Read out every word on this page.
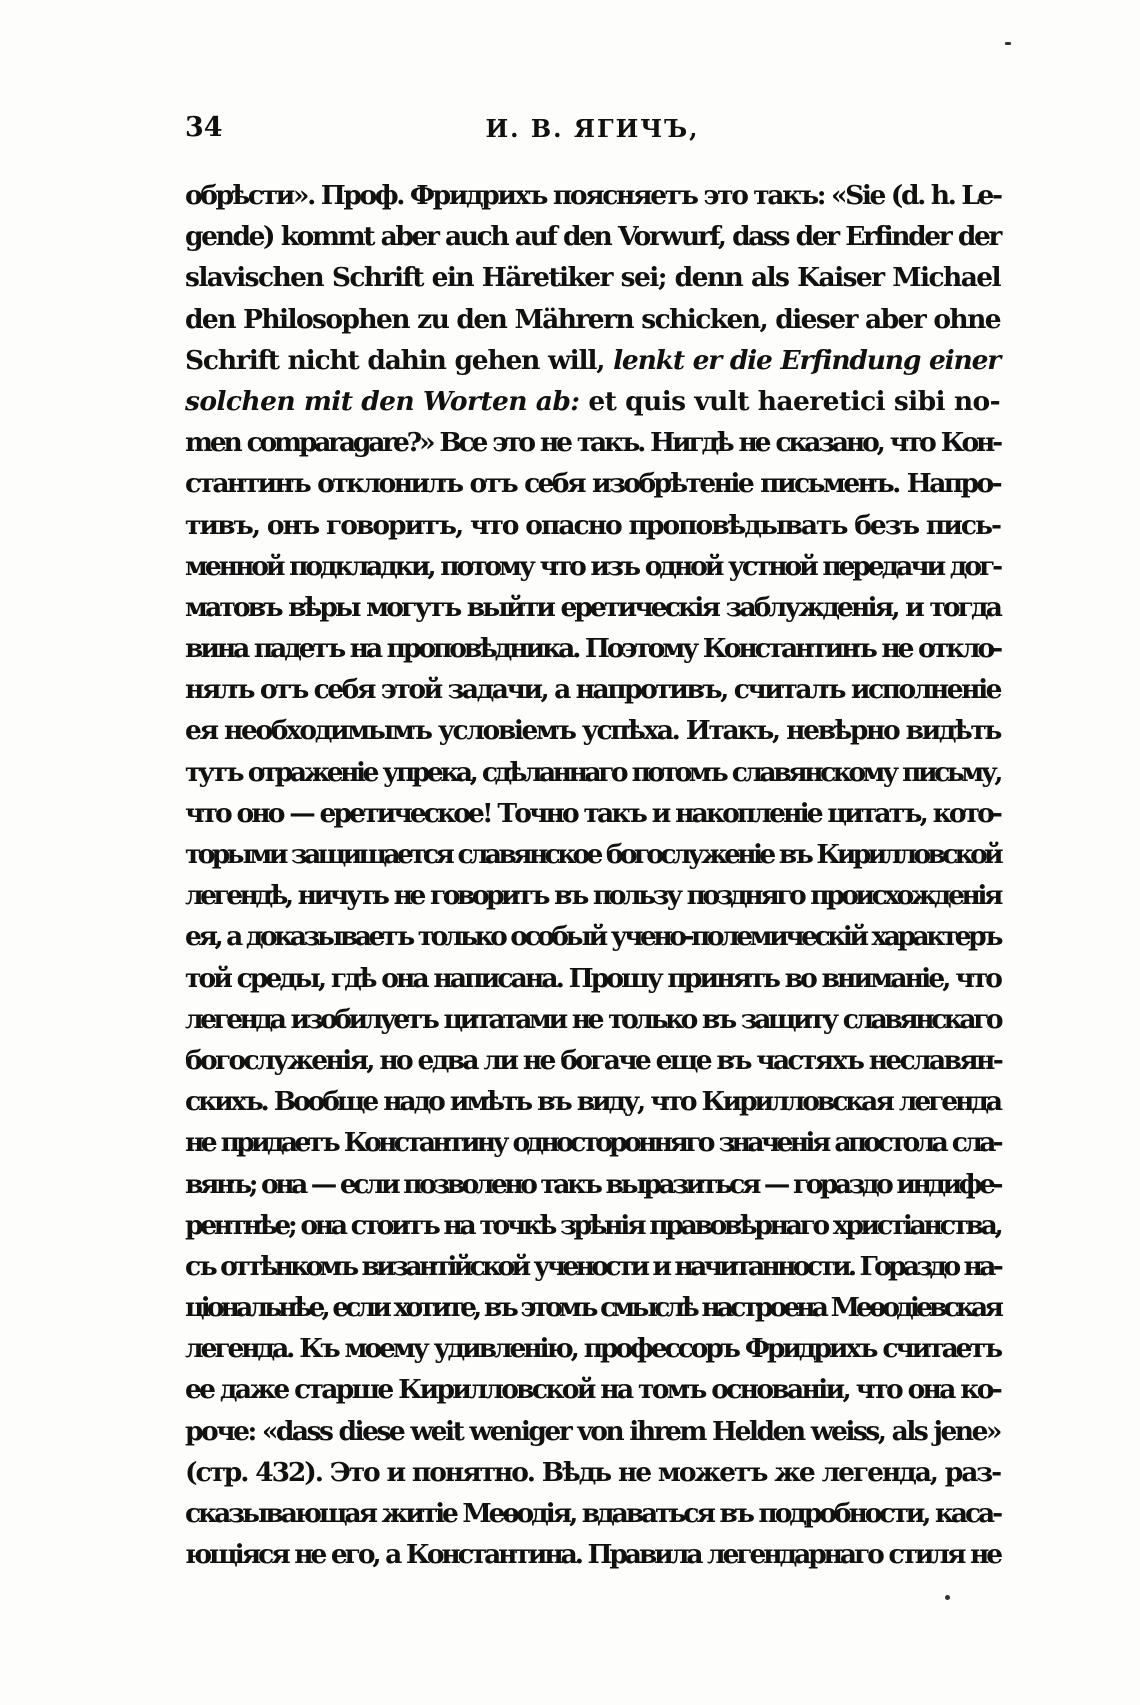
34	И. В. ЯГИЧЪ,
обрѣсти». Проф. Фридрихъ поясняетъ это такъ: «Sie (d. h. Le-
gende) kommt aber auch auf den Vorwurf, dass der Erfinder der
slavischen Schrift ein Häretiker sei; denn als Kaiser Michael
den Philosophen zu den Mährern schicken, dieser aber ohne
Schrift nicht dahin gehen will, lenkt er die Erfindung einer
solchen mit den Worten ab: et quis vult haeretici sibi no-
men comparagare?» Все это не такъ. Нигдѣ не сказано, что Кон-
стантинъ отклонилъ отъ себя изобрѣтеніе письменъ. Напро-
тивъ, онъ говоритъ, что опасно проповѣдывать безъ пись-
менной подкладки, потому что изъ одной устной передачи дог-
матовъ вѣры могутъ выйти еретическія заблужденія, и тогда
вина падетъ на проповѣдника. Поэтому Константинъ не откло-
нялъ отъ себя этой задачи, а напротивъ, считалъ исполненіе
ея необходимымъ условіемъ успѣха. Итакъ, невѣрно видѣть
тутъ отраженіе упрека, сдѣланнаго потомъ славянскому письму,
что оно — еретическое! Точно такъ и накопленіе цитатъ, кото-
торыми защищается славянское богослуженіе въ Кирилловской
легендѣ, ничуть не говоритъ въ пользу поздняго происхожденія
ея, а доказываетъ только особый учено-полемическій характеръ
той среды, гдѣ она написана. Прошу принять во вниманіе, что
легенда изобилуетъ цитатами не только въ защиту славянскаго
богослуженія, но едва ли не богаче еще въ частяхъ неславян-
скихъ. Вообще надо имѣть въ виду, что Кирилловская легенда
не придаетъ Константину односторонняго значенія апостола сла-
вянъ; она — если позволено такъ выразиться — гораздо индифе-
рентнѣе; она стоитъ на точкѣ зрѣнія правовѣрнаго христіанства,
съ оттѣнкомъ византійской учености и начитанности. Гораздо на-
ціональнѣе, если хотите, въ этомъ смыслѣ настроена Меѳодіевская
легенда. Къ моему удивленію, профессоръ Фридрихъ считаетъ
ее даже старше Кирилловской на томъ основаніи, что она ко-
роче: «dass diese weit weniger von ihrem Helden weiss, als jene»
(стр. 432). Это и понятно. Вѣдь не можетъ же легенда, раз-
сказывающая житіе Меѳодія, вдаваться въ подробности, каса-
ющіяся не его, а Константина. Правила легендарнаго стиля не
